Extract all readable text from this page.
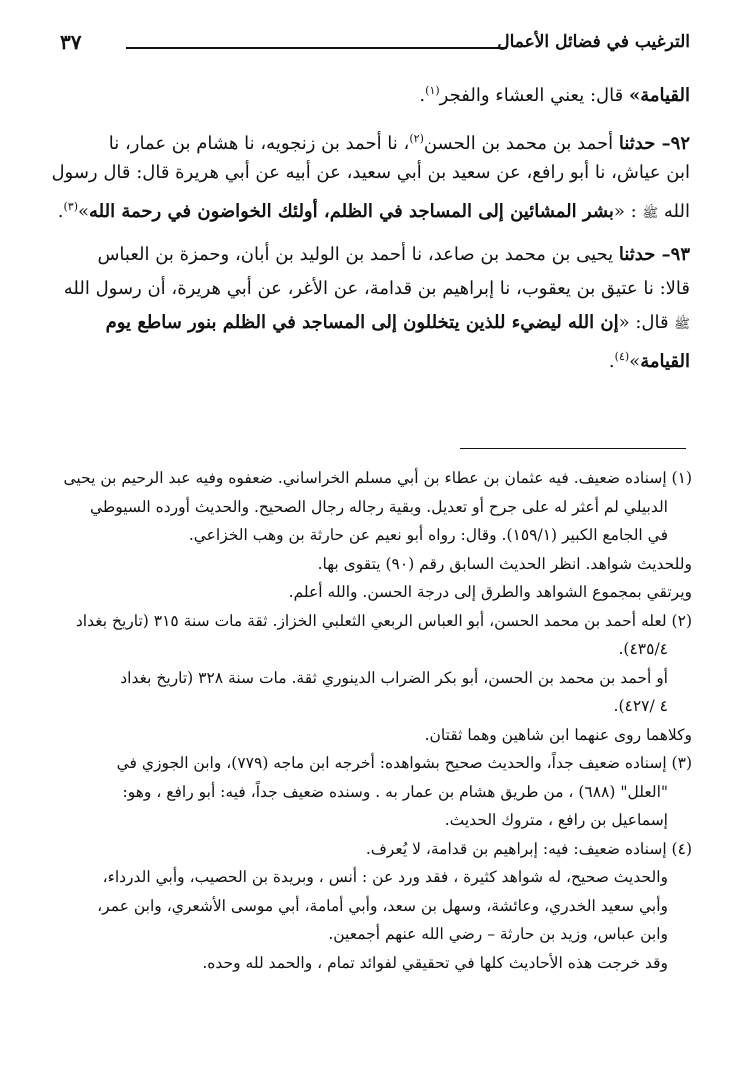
الترغيب في فضائل الأعمال
٣٧
القيامة» قال: يعني العشاء والفجر$^{(١)}$.
٩٢– حدثنا أحمد بن محمد بن الحسن$^{(٢)}$، نا أحمد بن زنجويه، نا هشام بن عمار، نا
ابن عياش، نا أبو رافع، عن سعيد بن أبي سعيد، عن أبيه عن أبي هريرة قال: قال رسول
الله ﷺ : «بشر المشائين إلى المساجد في الظلم، أولئك الخواضون في رحمة الله»$^{(٣)}$.
٩٣– حدثنا يحيى بن محمد بن صاعد، نا أحمد بن الوليد بن أبان، وحمزة بن العباس
قالا: نا عتيق بن يعقوب، نا إبراهيم بن قدامة، عن الأغر، عن أبي هريرة، أن رسول الله
ﷺ قال: «إن الله ليضيء للذين يتخللون إلى المساجد في الظلم بنور ساطع يوم
القيامة»$^{(٤)}$.
(١) إسناده ضعيف. فيه عثمان بن عطاء بن أبي مسلم الخراساني. ضعفوه وفيه عبد الرحيم بن يحيى
الدبيلي لم أعثر له على جرح أو تعديل. وبقية رجاله رجال الصحيح. والحديث أورده السيوطي
في الجامع الكبير (١٥٩/١). وقال: رواه أبو نعيم عن حارثة بن وهب الخزاعي.
وللحديث شواهد. انظر الحديث السابق رقم (٩٠) يتقوى بها.
ويرتقي بمجموع الشواهد والطرق إلى درجة الحسن. والله أعلم.
(٢) لعله أحمد بن محمد الحسن، أبو العباس الربعي الثعلبي الخزاز. ثقة مات سنة ٣١٥ (تاريخ بغداد
٤٣٥/٤).
أو أحمد بن محمد بن الحسن، أبو بكر الضراب الدينوري ثقة. مات سنة ٣٢٨ (تاريخ بغداد
٤ /٤٢٧).
وكلاهما روى عنهما ابن شاهين وهما ثقتان.
(٣) إسناده ضعيف جداً، والحديث صحيح بشواهده: أخرجه ابن ماجه (٧٧٩)، وابن الجوزي في
"العلل" (٦٨٨) ، من طريق هشام بن عمار به . وسنده ضعيف جداً، فيه: أبو رافع ، وهو:
إسماعيل بن رافع ، متروك الحديث.
(٤) إسناده ضعيف: فيه: إبراهيم بن قدامة، لا يُعرف.
والحديث صحيح، له شواهد كثيرة ، فقد ورد عن : أنس ، وبريدة بن الحصيب، وأبي الدرداء،
وأبي سعيد الخدري، وعائشة، وسهل بن سعد، وأبي أمامة، أبي موسى الأشعري، وابن عمر،
وابن عباس، وزيد بن حارثة – رضي الله عنهم أجمعين.
وقد خرجت هذه الأحاديث كلها في تحقيقي لفوائد تمام ، والحمد لله وحده.
